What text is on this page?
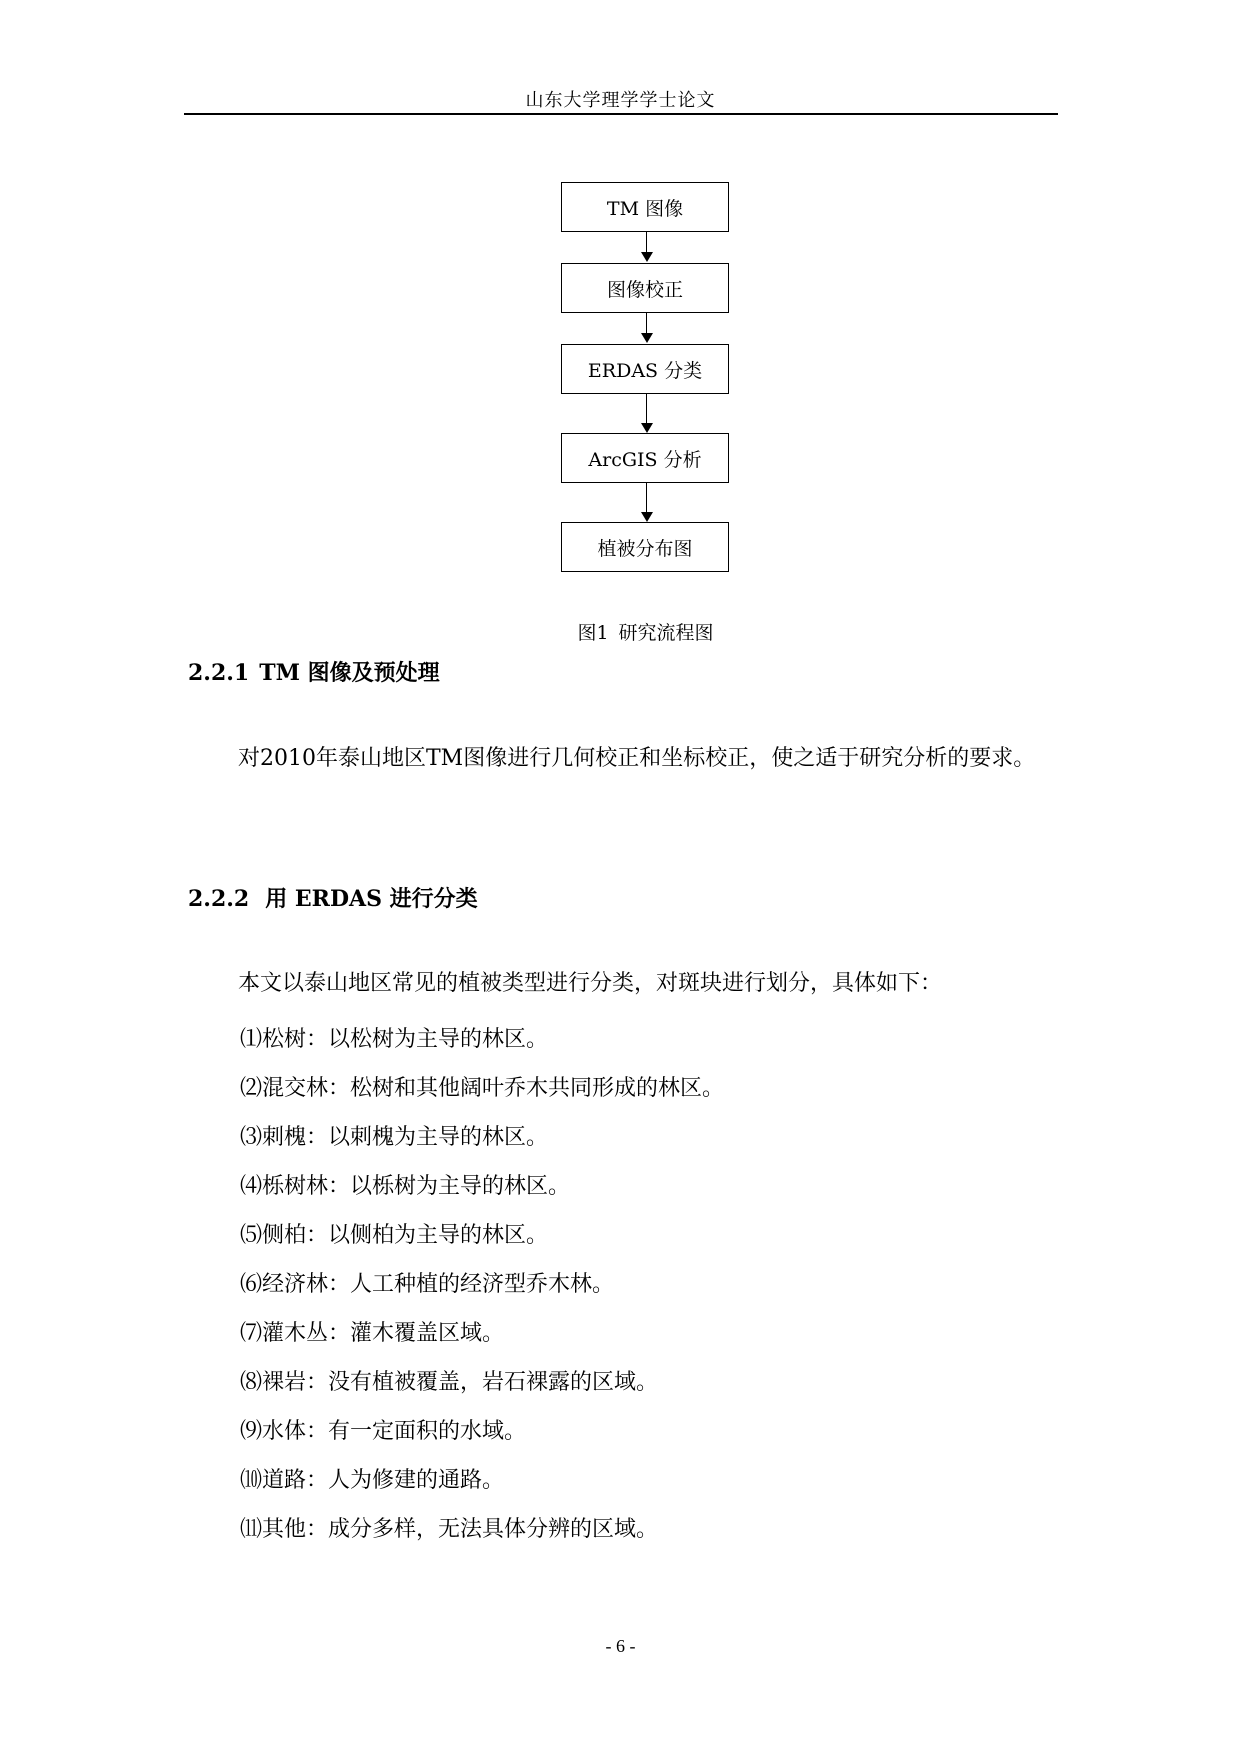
山东大学理学学士论文
TM 图像
图像校正
ERDAS 分类
ArcGIS 分析
植被分布图
图1 研究流程图
2.2.1 TM 图像及预处理
对2010年泰山地区TM图像进行几何校正和坐标校正，使之适于研究分析的要求。
2.2.2 用 ERDAS 进行分类
本文以泰山地区常见的植被类型进行分类，对斑块进行划分，具体如下：
⑴松树：以松树为主导的林区。
⑵混交林：松树和其他阔叶乔木共同形成的林区。
⑶刺槐：以刺槐为主导的林区。
⑷栎树林：以栎树为主导的林区。
⑸侧柏：以侧柏为主导的林区。
⑹经济林：人工种植的经济型乔木林。
⑺灌木丛：灌木覆盖区域。
⑻裸岩：没有植被覆盖，岩石裸露的区域。
⑼水体：有一定面积的水域。
⑽道路：人为修建的通路。
⑾其他：成分多样，无法具体分辨的区域。
- 6 -
